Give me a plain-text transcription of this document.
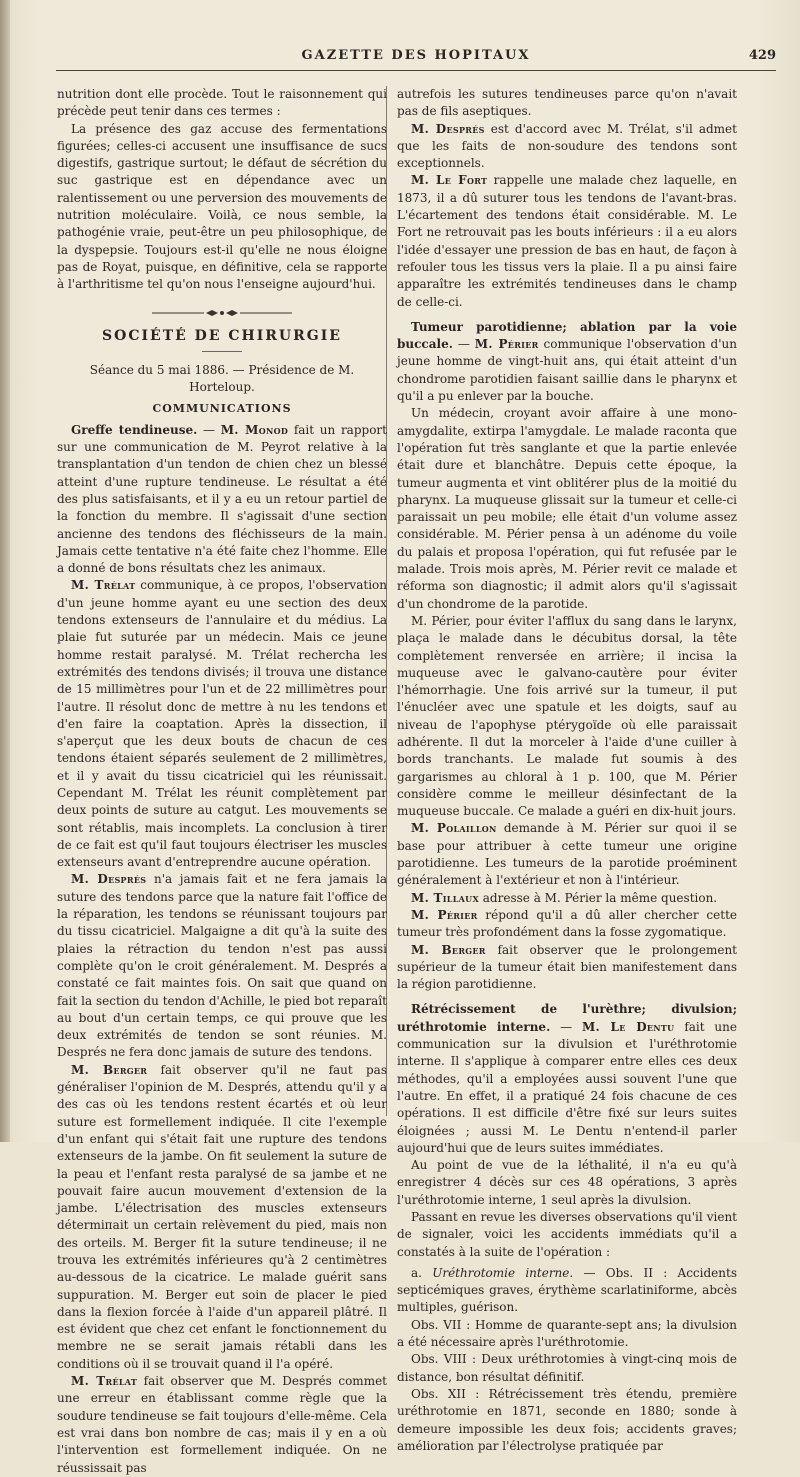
GAZETTE DES HOPITAUX	429

nutrition dont elle procède. Tout le raisonnement qui précède peut tenir dans ces termes :

La présence des gaz accuse des fermentations figurées; celles-ci accusent une insuffisance de sucs digestifs, gastrique surtout; le défaut de sécrétion du suc gastrique est en dépendance avec un ralentissement ou une perversion des mouvements de nutrition moléculaire. Voilà, ce nous semble, la pathogénie vraie, peut-être un peu philosophique, de la dyspepsie. Toujours est-il qu'elle ne nous éloigne pas de Royat, puisque, en définitive, cela se rapporte à l'arthritisme tel qu'on nous l'enseigne aujourd'hui.

SOCIÉTÉ DE CHIRURGIE

Séance du 5 mai 1886. — Présidence de M. Horteloup.

COMMUNICATIONS

Greffe tendineuse. — M. Monod fait un rapport sur une communication de M. Peyrot relative à la transplantation d'un tendon de chien chez un blessé atteint d'une rupture tendineuse. Le résultat a été des plus satisfaisants, et il y a eu un retour partiel de la fonction du membre. Il s'agissait d'une section ancienne des tendons des fléchisseurs de la main. Jamais cette tentative n'a été faite chez l'homme. Elle a donné de bons résultats chez les animaux.

M. Trélat communique, à ce propos, l'observation d'un jeune homme ayant eu une section des deux tendons extenseurs de l'annulaire et du médius. La plaie fut suturée par un médecin. Mais ce jeune homme restait paralysé. M. Trélat rechercha les extrémités des tendons divisés; il trouva une distance de 15 millimètres pour l'un et de 22 millimètres pour l'autre. Il résolut donc de mettre à nu les tendons et d'en faire la coaptation. Après la dissection, il s'aperçut que les deux bouts de chacun de ces tendons étaient séparés seulement de 2 millimètres, et il y avait du tissu cicatriciel qui les réunissait. Cependant M. Trélat les réunit complètement par deux points de suture au catgut. Les mouvements se sont rétablis, mais incomplets. La conclusion à tirer de ce fait est qu'il faut toujours électriser les muscles extenseurs avant d'entreprendre aucune opération.

M. Després n'a jamais fait et ne fera jamais la suture des tendons parce que la nature fait l'office de la réparation, les tendons se réunissant toujours par du tissu cicatriciel. Malgaigne a dit qu'à la suite des plaies la rétraction du tendon n'est pas aussi complète qu'on le croit généralement. M. Després a constaté ce fait maintes fois. On sait que quand on fait la section du tendon d'Achille, le pied bot reparaît au bout d'un certain temps, ce qui prouve que les deux extrémités de tendon se sont réunies. M. Després ne fera donc jamais de suture des tendons.

M. Berger fait observer qu'il ne faut pas généraliser l'opinion de M. Després, attendu qu'il y a des cas où les tendons restent écartés et où leur suture est formellement indiquée. Il cite l'exemple d'un enfant qui s'était fait une rupture des tendons extenseurs de la jambe. On fit seulement la suture de la peau et l'enfant resta paralysé de sa jambe et ne pouvait faire aucun mouvement d'extension de la jambe. L'électrisation des muscles extenseurs détermiпait un certain relèvement du pied, mais non des orteils. M. Berger fit la suture tendineuse; il ne trouva les extrémités inférieures qu'à 2 centimètres au-dessous de la cicatrice. Le malade guérit sans suppuration. M. Berger eut soin de placer le pied dans la flexion forcée à l'aide d'un appareil plâtré. Il est évident que chez cet enfant le fonctionnement du membre ne se serait jamais rétabli dans les conditions où il se trouvait quand il l'a opéré.

M. Trélat fait observer que M. Després commet une erreur en établissant comme règle que la soudure tendineuse se fait toujours d'elle-même. Cela est vrai dans bon nombre de cas; mais il y en a où l'intervention est formellement indiquée. On ne réussissait pas

autrefois les sutures tendineuses parce qu'on n'avait pas de fils aseptiques.

M. Després est d'accord avec M. Trélat, s'il admet que les faits de non-soudure des tendons sont exceptionnels.

M. Le Fort rappelle une malade chez laquelle, en 1873, il a dû suturer tous les tendons de l'avant-bras. L'écartement des tendons était considérable. M. Le Fort ne retrouvait pas les bouts inférieurs : il a eu alors l'idée d'essayer une pression de bas en haut, de façon à refouler tous les tissus vers la plaie. Il a pu ainsi faire apparaître les extrémités tendineuses dans le champ de celle-ci.

Tumeur parotidienne; ablation par la voie buccale. — M. Périer communique l'observation d'un jeune homme de vingt-huit ans, qui était atteint d'un chondrome parotidien faisant saillie dans le pharynx et qu'il a pu enlever par la bouche.

Un médecin, croyant avoir affaire à une mono-amygdalite, extirpa l'amygdale. Le malade raconta que l'opération fut très sanglante et que la partie enlevée était dure et blanchâtre. Depuis cette époque, la tumeur augmenta et vint oblitérer plus de la moitié du pharynx. La muqueuse glissait sur la tumeur et celle-ci paraissait un peu mobile; elle était d'un volume assez considérable. M. Périer pensa à un adénome du voile du palais et proposa l'opération, qui fut refusée par le malade. Trois mois après, M. Périer revit ce malade et réforma son diagnostic; il admit alors qu'il s'agissait d'un chondrome de la parotide.

M. Périer, pour éviter l'afflux du sang dans le larynx, plaça le malade dans le décubitus dorsal, la tête complètement renversée en arrière; il incisa la muqueuse avec le galvano-cautère pour éviter l'hémorrhagie. Une fois arrivé sur la tumeur, il put l'énucléer avec une spatule et les doigts, sauf au niveau de l'apophyse ptérygoïde où elle paraissait adhérente. Il dut la morceler à l'aide d'une cuiller à bords tranchants. Le malade fut soumis à des gargarismes au chloral à 1 p. 100, que M. Périer considère comme le meilleur désinfectant de la muqueuse buccale. Ce malade a guéri en dix-huit jours.

M. Polaillon demande à M. Périer sur quoi il se base pour attribuer à cette tumeur une origine parotidienne. Les tumeurs de la parotide proéminent généralement à l'extérieur et non à l'intérieur.

M. Tillaux adresse à M. Périer la même question.

M. Périer répond qu'il a dû aller chercher cette tumeur très profondément dans la fosse zygomatique.

M. Berger fait observer que le prolongement supérieur de la tumeur était bien manifestement dans la région parotidienne.

Rétrécissement de l'urèthre; divulsion; uréthrotomie interne. — M. Le Dentu fait une communication sur la divulsion et l'uréthrotomie interne. Il s'applique à comparer entre elles ces deux méthodes, qu'il a employées aussi souvent l'une que l'autre. En effet, il a pratiqué 24 fois chacune de ces opérations. Il est difficile d'être fixé sur leurs suites éloignées ; aussi M. Le Dentu n'entend-il parler aujourd'hui que de leurs suites immédiates.

Au point de vue de la léthalité, il n'a eu qu'à enregistrer 4 décès sur ces 48 opérations, 3 après l'uréthrotomie interne, 1 seul après la divulsion.

Passant en revue les diverses observations qu'il vient de signaler, voici les accidents immédiats qu'il a constatés à la suite de l'opération :

a. Uréthrotomie interne. — Obs. II : Accidents septicémiques graves, érythème scarlatiniforme, abcès multiples, guérison.

Obs. VII : Homme de quarante-sept ans; la divulsion a été nécessaire après l'uréthrotomie.

Obs. VIII : Deux uréthrotomies à vingt-cinq mois de distance, bon résultat définitif.

Obs. XII : Rétrécissement très étendu, première uréthrotomie en 1871, seconde en 1880; sonde à demeure impossible les deux fois; accidents graves; amélioration par l'électrolyse pratiquée par
